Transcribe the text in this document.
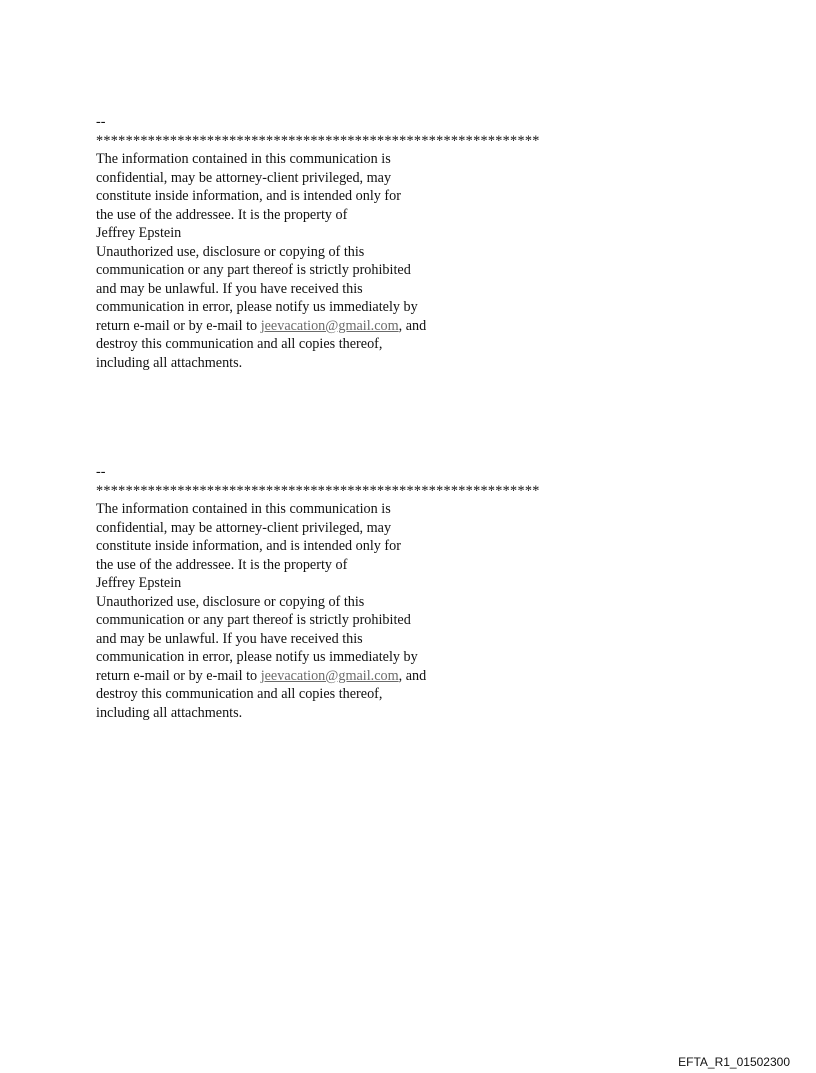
--
************************************************************
The information contained in this communication is
confidential, may be attorney-client privileged, may
constitute inside information, and is intended only for
the use of the addressee. It is the property of
Jeffrey Epstein
Unauthorized use, disclosure or copying of this
communication or any part thereof is strictly prohibited
and may be unlawful. If you have received this
communication in error, please notify us immediately by
return e-mail or by e-mail to jeevacation@gmail.com, and
destroy this communication and all copies thereof,
including all attachments.
--
************************************************************
The information contained in this communication is
confidential, may be attorney-client privileged, may
constitute inside information, and is intended only for
the use of the addressee. It is the property of
Jeffrey Epstein
Unauthorized use, disclosure or copying of this
communication or any part thereof is strictly prohibited
and may be unlawful. If you have received this
communication in error, please notify us immediately by
return e-mail or by e-mail to jeevacation@gmail.com, and
destroy this communication and all copies thereof,
including all attachments.
EFTA_R1_01502300
